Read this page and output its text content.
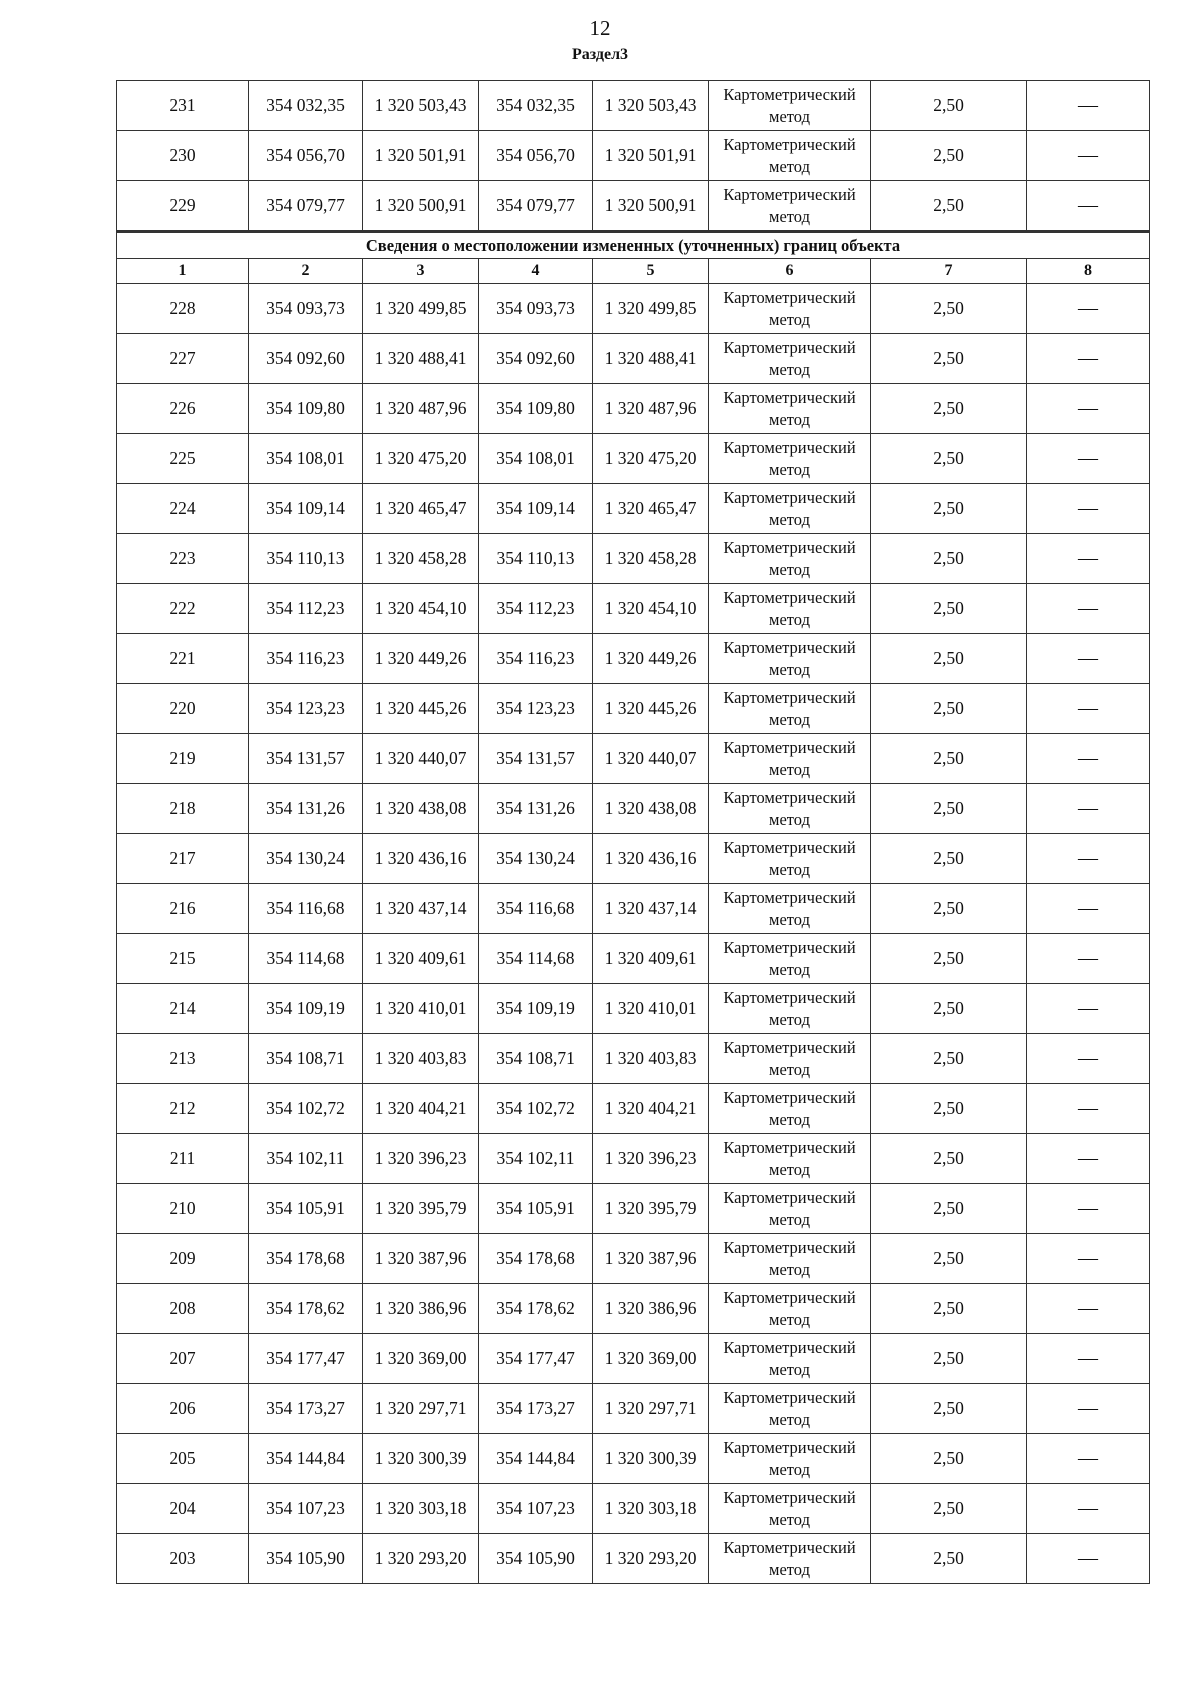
12
Раздел3
231	354 032,35	1 320 503,43	354 032,35	1 320 503,43	Картометрический метод	2,50	—
230	354 056,70	1 320 501,91	354 056,70	1 320 501,91	Картометрический метод	2,50	—
229	354 079,77	1 320 500,91	354 079,77	1 320 500,91	Картометрический метод	2,50	—
Сведения о местоположении измененных (уточненных) границ объекта							
1	2	3	4	5	6	7	8
228	354 093,73	1 320 499,85	354 093,73	1 320 499,85	Картометрический метод	2,50	—
227	354 092,60	1 320 488,41	354 092,60	1 320 488,41	Картометрический метод	2,50	—
226	354 109,80	1 320 487,96	354 109,80	1 320 487,96	Картометрический метод	2,50	—
225	354 108,01	1 320 475,20	354 108,01	1 320 475,20	Картометрический метод	2,50	—
224	354 109,14	1 320 465,47	354 109,14	1 320 465,47	Картометрический метод	2,50	—
223	354 110,13	1 320 458,28	354 110,13	1 320 458,28	Картометрический метод	2,50	—
222	354 112,23	1 320 454,10	354 112,23	1 320 454,10	Картометрический метод	2,50	—
221	354 116,23	1 320 449,26	354 116,23	1 320 449,26	Картометрический метод	2,50	—
220	354 123,23	1 320 445,26	354 123,23	1 320 445,26	Картометрический метод	2,50	—
219	354 131,57	1 320 440,07	354 131,57	1 320 440,07	Картометрический метод	2,50	—
218	354 131,26	1 320 438,08	354 131,26	1 320 438,08	Картометрический метод	2,50	—
217	354 130,24	1 320 436,16	354 130,24	1 320 436,16	Картометрический метод	2,50	—
216	354 116,68	1 320 437,14	354 116,68	1 320 437,14	Картометрический метод	2,50	—
215	354 114,68	1 320 409,61	354 114,68	1 320 409,61	Картометрический метод	2,50	—
214	354 109,19	1 320 410,01	354 109,19	1 320 410,01	Картометрический метод	2,50	—
213	354 108,71	1 320 403,83	354 108,71	1 320 403,83	Картометрический метод	2,50	—
212	354 102,72	1 320 404,21	354 102,72	1 320 404,21	Картометрический метод	2,50	—
211	354 102,11	1 320 396,23	354 102,11	1 320 396,23	Картометрический метод	2,50	—
210	354 105,91	1 320 395,79	354 105,91	1 320 395,79	Картометрический метод	2,50	—
209	354 178,68	1 320 387,96	354 178,68	1 320 387,96	Картометрический метод	2,50	—
208	354 178,62	1 320 386,96	354 178,62	1 320 386,96	Картометрический метод	2,50	—
207	354 177,47	1 320 369,00	354 177,47	1 320 369,00	Картометрический метод	2,50	—
206	354 173,27	1 320 297,71	354 173,27	1 320 297,71	Картометрический метод	2,50	—
205	354 144,84	1 320 300,39	354 144,84	1 320 300,39	Картометрический метод	2,50	—
204	354 107,23	1 320 303,18	354 107,23	1 320 303,18	Картометрический метод	2,50	—
203	354 105,90	1 320 293,20	354 105,90	1 320 293,20	Картометрический метод	2,50	—
